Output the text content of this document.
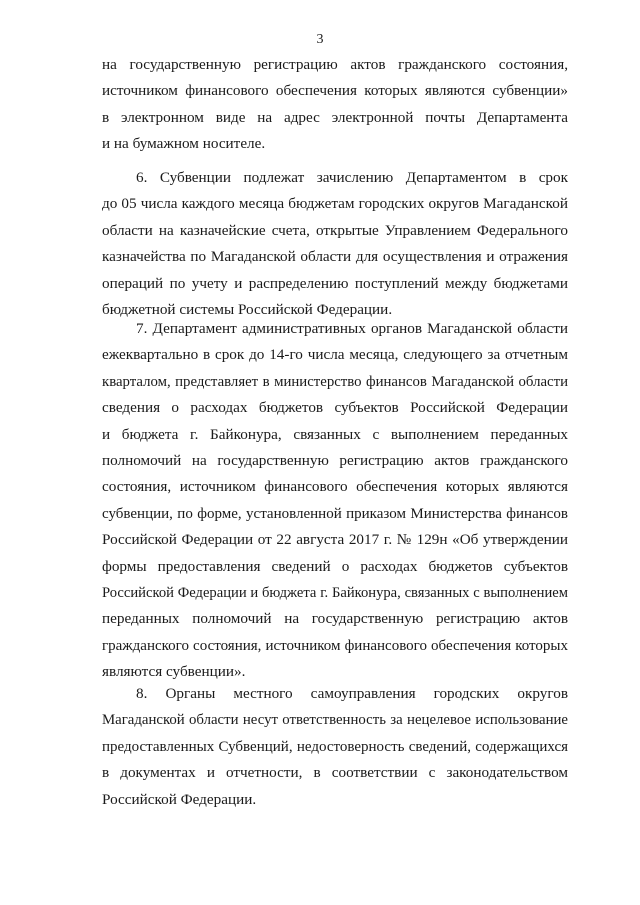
3
на государственную регистрацию актов гражданского состояния,
источником финансового обеспечения которых являются субвенции»
в электронном виде на адрес электронной почты Департамента
и на бумажном носителе.
6. Субвенции подлежат зачислению Департаментом в срок
до 05 числа каждого месяца бюджетам городских округов Магаданской
области на казначейские счета, открытые Управлением Федерального
казначейства по Магаданской области для осуществления и отражения
операций по учету и распределению поступлений между бюджетами
бюджетной системы Российской Федерации.
7. Департамент административных органов Магаданской области
ежеквартально в срок до 14-го числа месяца, следующего за отчетным
кварталом, представляет в министерство финансов Магаданской области
сведения о расходах бюджетов субъектов Российской Федерации
и бюджета г. Байконура, связанных с выполнением переданных
полномочий на государственную регистрацию актов гражданского
состояния, источником финансового обеспечения которых являются
субвенции, по форме, установленной приказом Министерства финансов
Российской Федерации от 22 августа 2017 г. № 129н «Об утверждении
формы предоставления сведений о расходах бюджетов субъектов
Российской Федерации и бюджета г. Байконура, связанных с выполнением
переданных полномочий на государственную регистрацию актов
гражданского состояния, источником финансового обеспечения которых
являются субвенции».
8. Органы местного самоуправления городских округов
Магаданской области несут ответственность за нецелевое использование
предоставленных Субвенций, недостоверность сведений, содержащихся
в документах и отчетности, в соответствии с законодательством
Российской Федерации.
